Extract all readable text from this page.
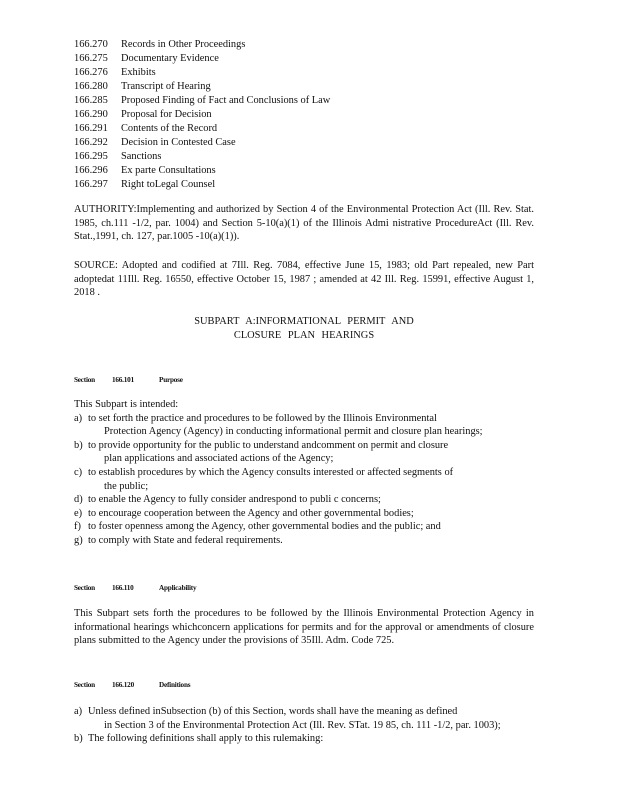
166.270	Records in Other Proceedings
166.275	Documentary Evidence
166.276	Exhibits
166.280	Transcript of Hearing
166.285	Proposed Finding of Fact and Conclusions of Law
166.290	Proposal for Decision
166.291	Contents of the Record
166.292	Decision in Contested Case
166.295	Sanctions
166.296	Ex parte Consultations
166.297	Right toLegal Counsel
AUTHORITY:Implementing and authorized by Section 4 of the Environmental Protection Act (Ill. Rev. Stat. 1985, ch.111 -1/2, par. 1004) and Section 5-10(a)(1) of the Illinois Admi nistrative ProcedureAct (Ill. Rev. Stat.,1991, ch. 127, par.1005 -10(a)(1)).
SOURCE: Adopted and codified at 7Ill. Reg. 7084, effective June 15, 1983; old Part repealed, new Part adoptedat 11Ill. Reg. 16550, effective October 15, 1987 ; amended at 42 Ill. Reg. 15991, effective August 1, 2018 .
SUBPART A:INFORMATIONAL PERMIT AND
CLOSURE PLAN HEARINGS
Section 166.101	Purpose
This Subpart is intended:
a) to set forth the practice and procedures to be followed by the Illinois Environmental
Protection Agency (Agency) in conducting informational permit and closure plan hearings;
b) to provide opportunity for the public to understand andcomment on permit and closure
plan applications and associated actions of the Agency;
c) to establish procedures by which the Agency consults interested or affected segments of
the public;
d) to enable the Agency to fully consider andrespond to publi c concerns;
e) to encourage cooperation between the Agency and other governmental bodies;
f) to foster openness among the Agency, other governmental bodies and the public; and
g) to comply with State and federal requirements.
Section 166.110	Applicability
This Subpart sets forth the procedures to be followed by the Illinois Environmental Protection Agency in informational hearings whichconcern applications for permits and for the approval or amendments of closure plans submitted to the Agency under the provisions of 35Ill. Adm. Code 725.
Section 166.120	Definitions
a) Unless defined inSubsection (b) of this Section, words shall have the meaning as defined
in Section 3 of the Environmental Protection Act (Ill. Rev. STat. 19 85, ch. 111 -1/2, par. 1003);
b) The following definitions shall apply to this rulemaking:
